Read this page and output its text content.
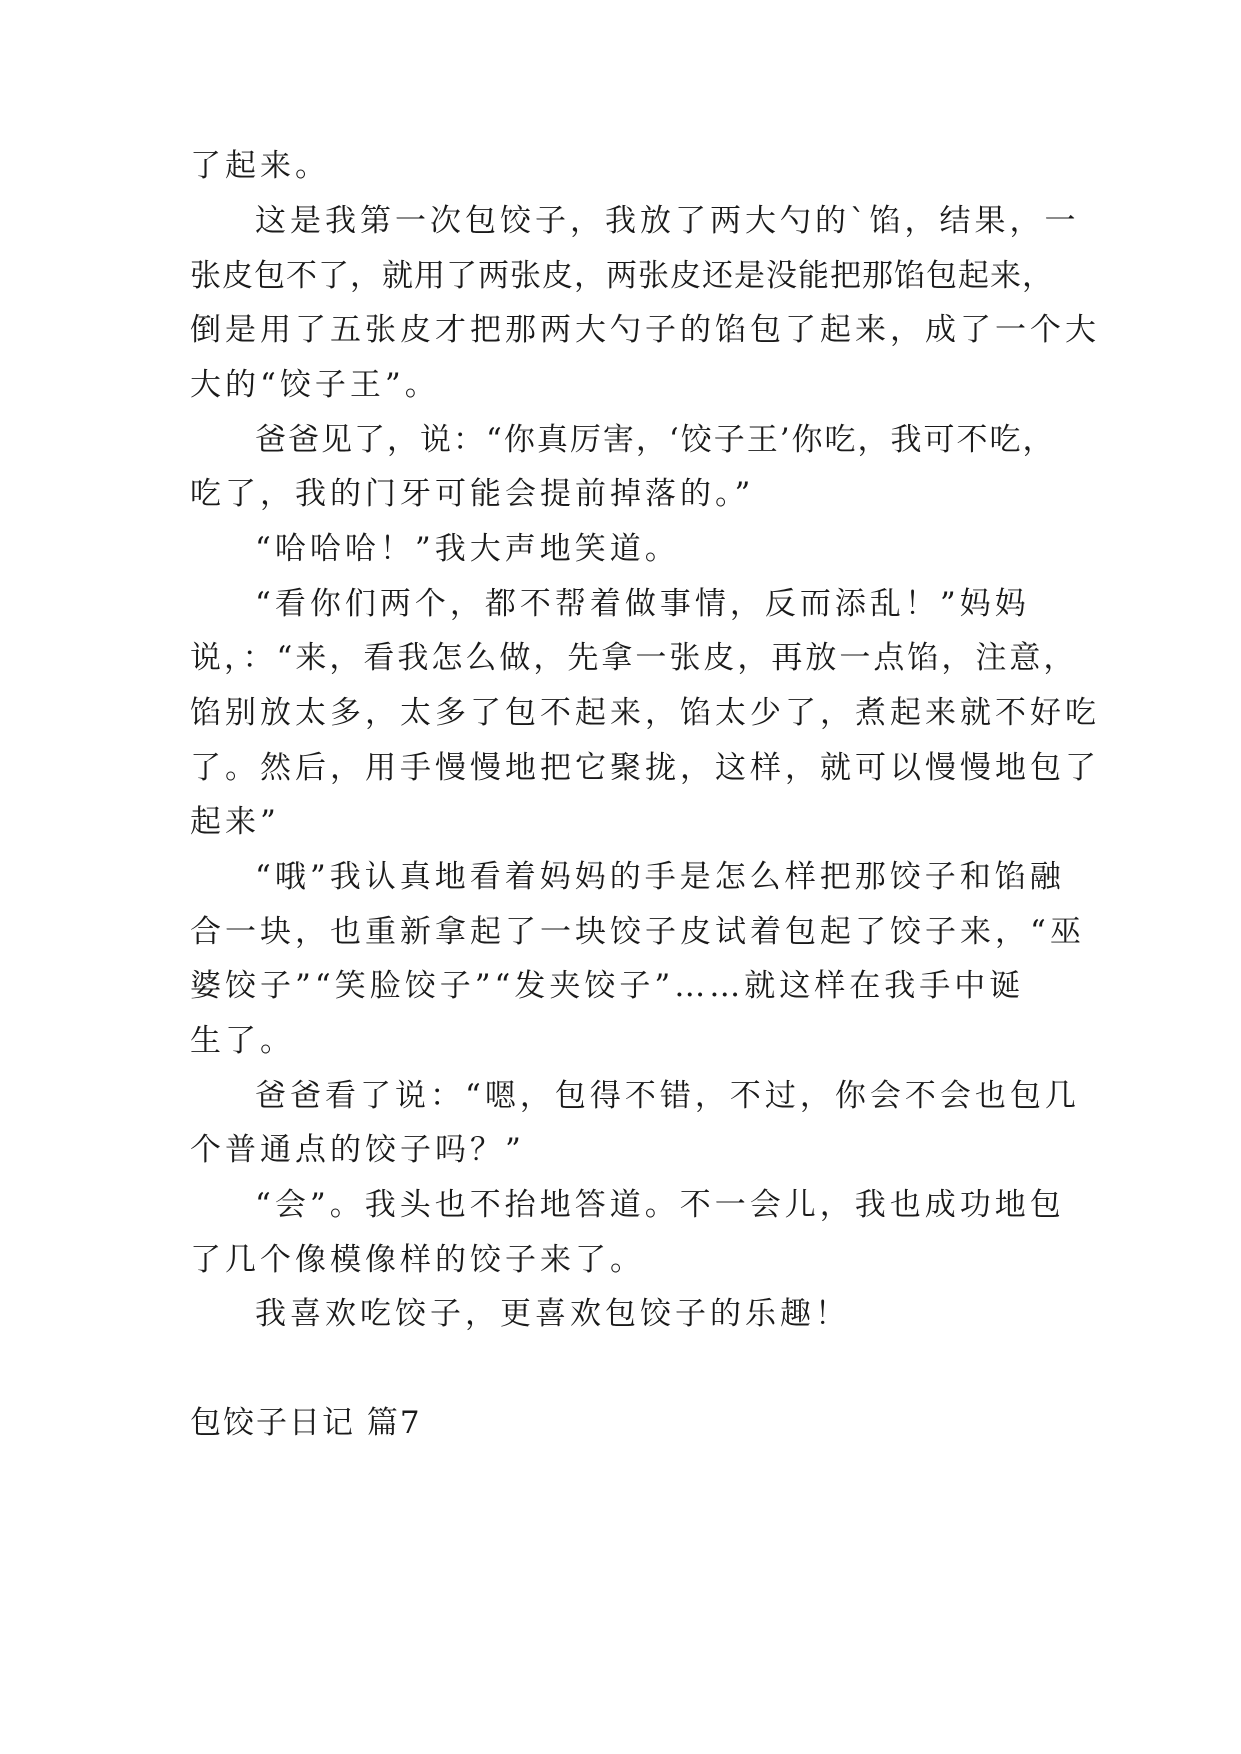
了起来。
这是我第一次包饺子，我放了两大勺的`馅，结果，一
张皮包不了，就用了两张皮，两张皮还是没能把那馅包起来，
倒是用了五张皮才把那两大勺子的馅包了起来，成了一个大
大的“饺子王”。
爸爸见了，说：“你真厉害，‘饺子王’你吃，我可不吃，
吃了，我的门牙可能会提前掉落的。”
“哈哈哈！”我大声地笑道。
“看你们两个，都不帮着做事情，反而添乱！”妈妈
说，：“来，看我怎么做，先拿一张皮，再放一点馅，注意，
馅别放太多，太多了包不起来，馅太少了，煮起来就不好吃
了。然后，用手慢慢地把它聚拢，这样，就可以慢慢地包了
起来”
“哦”我认真地看着妈妈的手是怎么样把那饺子和馅融
合一块，也重新拿起了一块饺子皮试着包起了饺子来，“巫
婆饺子”“笑脸饺子”“发夹饺子”……就这样在我手中诞
生了。
爸爸看了说：“嗯，包得不错，不过，你会不会也包几
个普通点的饺子吗？”
“会”。我头也不抬地答道。不一会儿，我也成功地包
了几个像模像样的饺子来了。
我喜欢吃饺子，更喜欢包饺子的乐趣！
包饺子日记 篇7
